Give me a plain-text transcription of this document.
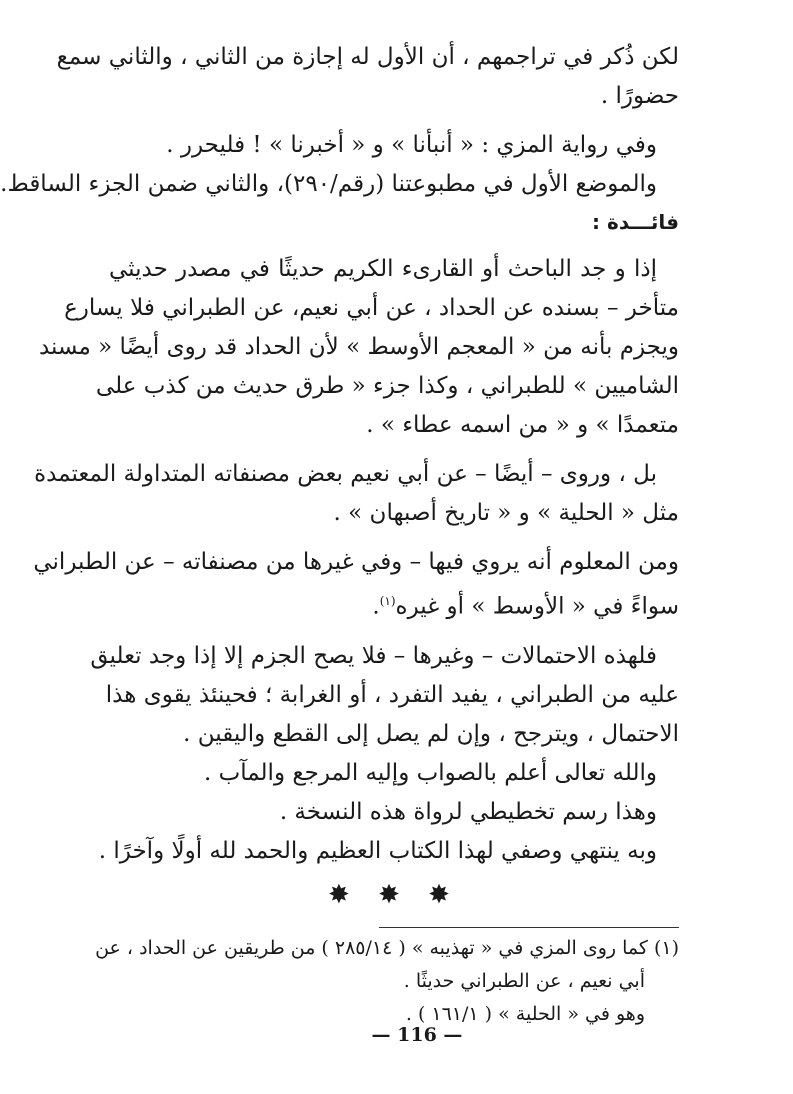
لكن ذُكر في تراجمهم ، أن الأول له إجازة من الثاني ، والثاني سمع
حضورًا .
وفي رواية المزي : « أنبأنا » و « أخبرنا » ! فليحرر .
والموضع الأول في مطبوعتنا (رقم/٢٩٠)، والثاني ضمن الجزء الساقط.
فائـــدة :
إذا و جد الباحث أو القارىء الكريم حديثًا في مصدر حديثي
متأخر – بسنده عن الحداد ، عن أبي نعيم، عن الطبراني فلا يسارع
ويجزم بأنه من « المعجم الأوسط » لأن الحداد قد روى أيضًا « مسند
الشاميين » للطبراني ، وكذا جزء « طرق حديث من كذب على
متعمدًا » و « من اسمه عطاء » .
بل ، وروى – أيضًا – عن أبي نعيم بعض مصنفاته المتداولة المعتمدة
مثل « الحلية » و « تاريخ أصبهان » .
ومن المعلوم أنه يروي فيها – وفي غيرها من مصنفاته – عن الطبراني
سواءً في « الأوسط » أو غيره$^{(١)}$.
فلهذه الاحتمالات – وغيرها – فلا يصح الجزم إلا إذا وجد تعليق
عليه من الطبراني ، يفيد التفرد ، أو الغرابة ؛ فحينئذ يقوى هذا
الاحتمال ، ويترجح ، وإن لم يصل إلى القطع واليقين .
والله تعالى أعلم بالصواب وإليه المرجع والمآب .
وهذا رسم تخطيطي لرواة هذه النسخة .
وبه ينتهي وصفي لهذا الكتاب العظيم والحمد لله أولًا وآخرًا .
✸ ✸ ✸
(١) كما روى المزي في « تهذيبه » ( ٢٨٥/١٤ ) من طريقين عن الحداد ، عن
أبي نعيم ، عن الطبراني حديثًا .
وهو في « الحلية » ( ١٦١/١ ) .
— 116 —
